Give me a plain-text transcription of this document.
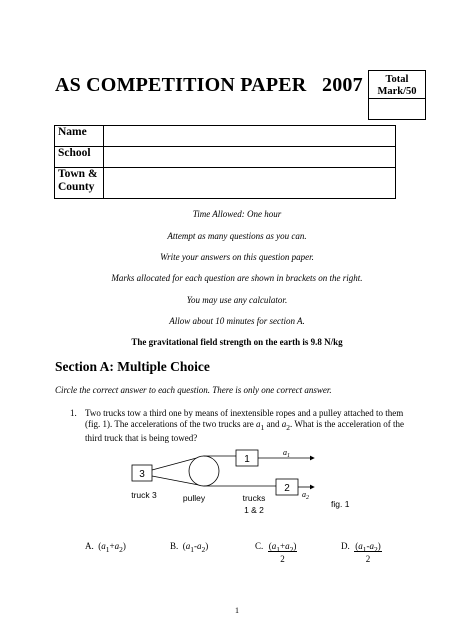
AS COMPETITION PAPER   2007	Total
Mark/50
Name	
School	

Town &
County	

Time Allowed: One hour
Attempt as many questions as you can.
Write your answers on this question paper.
Marks allocated for each question are shown in brackets on the right.
You may use any calculator.
Allow about 10 minutes for section A.
The gravitational field strength on the earth is 9.8 N/kg
Section A: Multiple Choice
Circle the correct answer to each question. There is only one correct answer.
1. Two trucks tow a third one by means of inextensible ropes and a pulley attached to them (fig. 1). The accelerations of the two trucks are $a_1$ and $a_2$. What is the acceleration of the third truck that is being towed?
3
1
2
$a_1$
$a_2$
truck 3	pulley	trucks
1 & 2
fig. 1
A. $(a_1+a_2)$	B. $(a_1-a_2)$	C. $\frac{(a_1+a_2)}{2}$	D. $\frac{(a_1-a_2)}{2}$
1
